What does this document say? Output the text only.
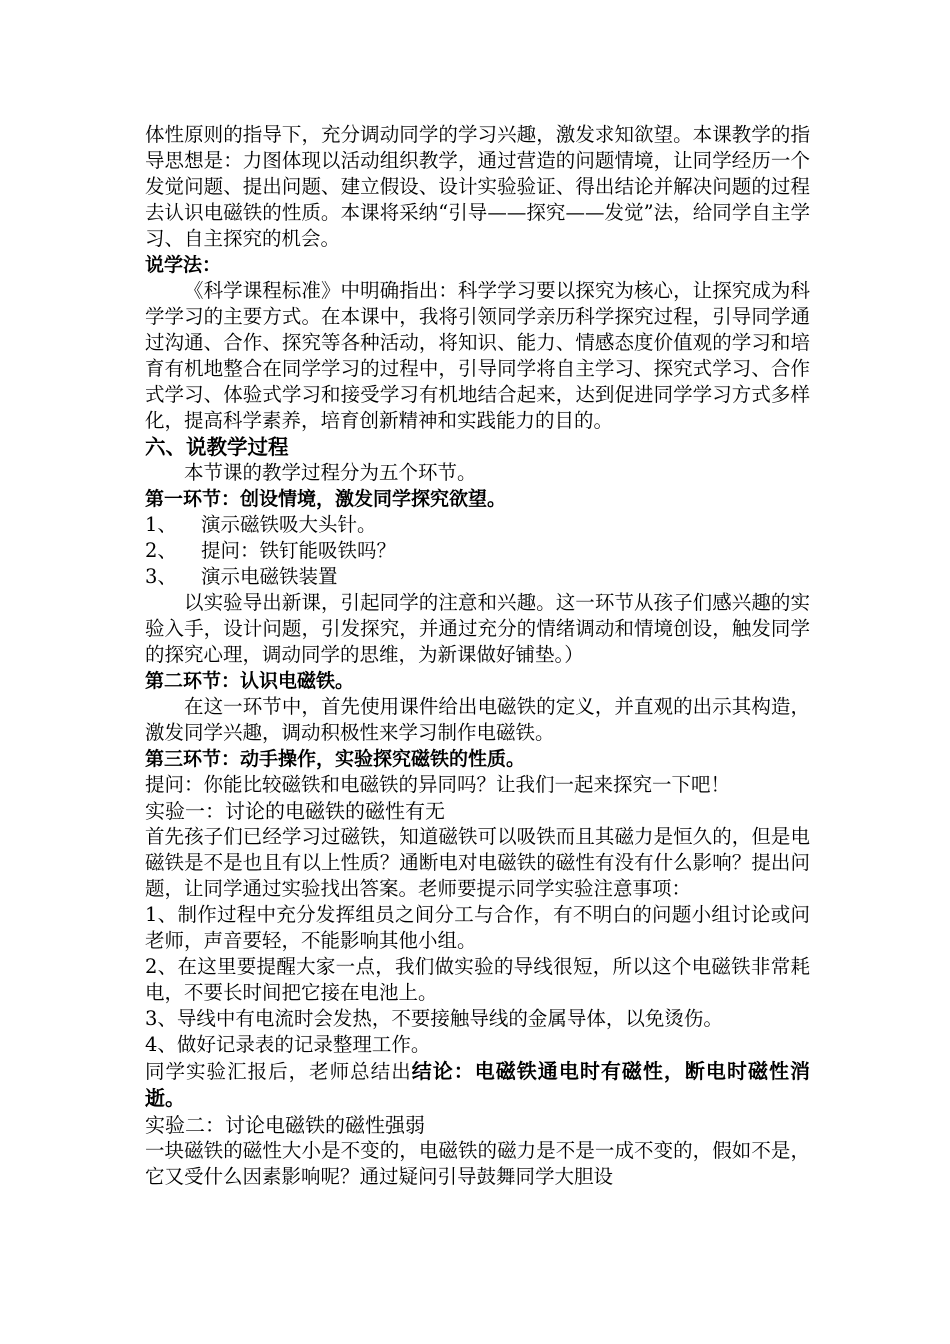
体性原则的指导下，充分调动同学的学习兴趣，激发求知欲望。本课教学的指导思想是：力图体现以活动组织教学，通过营造的问题情境，让同学经历一个发觉问题、提出问题、建立假设、设计实验验证、得出结论并解决问题的过程去认识电磁铁的性质。本课将采纳“引导——探究——发觉”法，给同学自主学习、自主探究的机会。

说学法：

《科学课程标准》中明确指出：科学学习要以探究为核心，让探究成为科学学习的主要方式。在本课中，我将引领同学亲历科学探究过程，引导同学通过沟通、合作、探究等各种活动，将知识、能力、情感态度价值观的学习和培育有机地整合在同学学习的过程中，引导同学将自主学习、探究式学习、合作式学习、体验式学习和接受学习有机地结合起来，达到促进同学学习方式多样化，提高科学素养，培育创新精神和实践能力的目的。

六、说教学过程

本节课的教学过程分为五个环节。

第一环节：创设情境，激发同学探究欲望。

1、	演示磁铁吸大头针。
2、	提问：铁钉能吸铁吗？
3、	演示电磁铁装置

以实验导出新课，引起同学的注意和兴趣。这一环节从孩子们感兴趣的实验入手，设计问题，引发探究，并通过充分的情绪调动和情境创设，触发同学的探究心理，调动同学的思维，为新课做好铺垫。）

第二环节：认识电磁铁。

在这一环节中，首先使用课件给出电磁铁的定义，并直观的出示其构造，激发同学兴趣，调动积极性来学习制作电磁铁。

第三环节：动手操作，实验探究磁铁的性质。

提问：你能比较磁铁和电磁铁的异同吗？让我们一起来探究一下吧！

实验一：讨论的电磁铁的磁性有无

首先孩子们已经学习过磁铁，知道磁铁可以吸铁而且其磁力是恒久的，但是电磁铁是不是也且有以上性质？通断电对电磁铁的磁性有没有什么影响？提出问题，让同学通过实验找出答案。老师要提示同学实验注意事项：

1、制作过程中充分发挥组员之间分工与合作，有不明白的问题小组讨论或问老师，声音要轻，不能影响其他小组。

2、在这里要提醒大家一点，我们做实验的导线很短，所以这个电磁铁非常耗电，不要长时间把它接在电池上。

3、导线中有电流时会发热，不要接触导线的金属导体，以免烫伤。

4、做好记录表的记录整理工作。

同学实验汇报后，老师总结出结论：电磁铁通电时有磁性，断电时磁性消逝。

实验二：讨论电磁铁的磁性强弱

一块磁铁的磁性大小是不变的，电磁铁的磁力是不是一成不变的，假如不是，它又受什么因素影响呢？通过疑问引导鼓舞同学大胆设
